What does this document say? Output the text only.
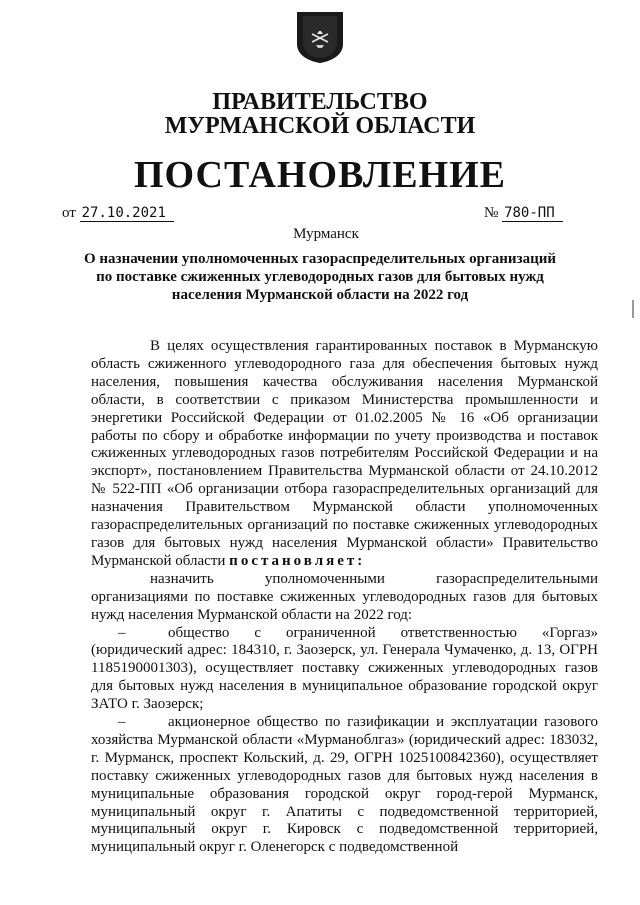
ПРАВИТЕЛЬСТВО
МУРМАНСКОЙ ОБЛАСТИ
ПОСТАНОВЛЕНИЕ
от 27.10.2021	№ 780-ПП
Мурманск
О назначении уполномоченных газораспределительных организаций
по поставке сжиженных углеводородных газов для бытовых нужд
населения Мурманской области на 2022 год

В целях осуществления гарантированных поставок в Мурманскую область сжиженного углеводородного газа для обеспечения бытовых нужд населения, повышения качества обслуживания населения Мурманской области, в соответствии с приказом Министерства промышленности и энергетики Российской Федерации от 01.02.2005 № 16 «Об организации работы по сбору и обработке информации по учету производства и поставок сжиженных углеводородных газов потребителям Российской Федерации и на экспорт», постановлением Правительства Мурманской области от 24.10.2012 № 522-ПП «Об организации отбора газораспределительных организаций для назначения Правительством Мурманской области уполномоченных газораспределительных организаций по поставке сжиженных углеводородных газов для бытовых нужд населения Мурманской области» Правительство Мурманской области постановляет:

назначить уполномоченными газораспределительными организациями по поставке сжиженных углеводородных газов для бытовых нужд населения Мурманской области на 2022 год:

–	общество с ограниченной ответственностью «Горгаз» (юридический адрес: 184310, г. Заозерск, ул. Генерала Чумаченко, д. 13, ОГРН 1185190001303), осуществляет поставку сжиженных углеводородных газов для бытовых нужд населения в муниципальное образование городской округ ЗАТО г. Заозерск;

–	акционерное общество по газификации и эксплуатации газового хозяйства Мурманской области «Мурманоблгаз» (юридический адрес: 183032, г. Мурманск, проспект Кольский, д. 29, ОГРН 1025100842360), осуществляет поставку сжиженных углеводородных газов для бытовых нужд населения в муниципальные образования городской округ город-герой Мурманск, муниципальный округ г. Апатиты с подведомственной территорией, муниципальный округ г. Кировск с подведомственной территорией, муниципальный округ г. Оленегорск с подведомственной
